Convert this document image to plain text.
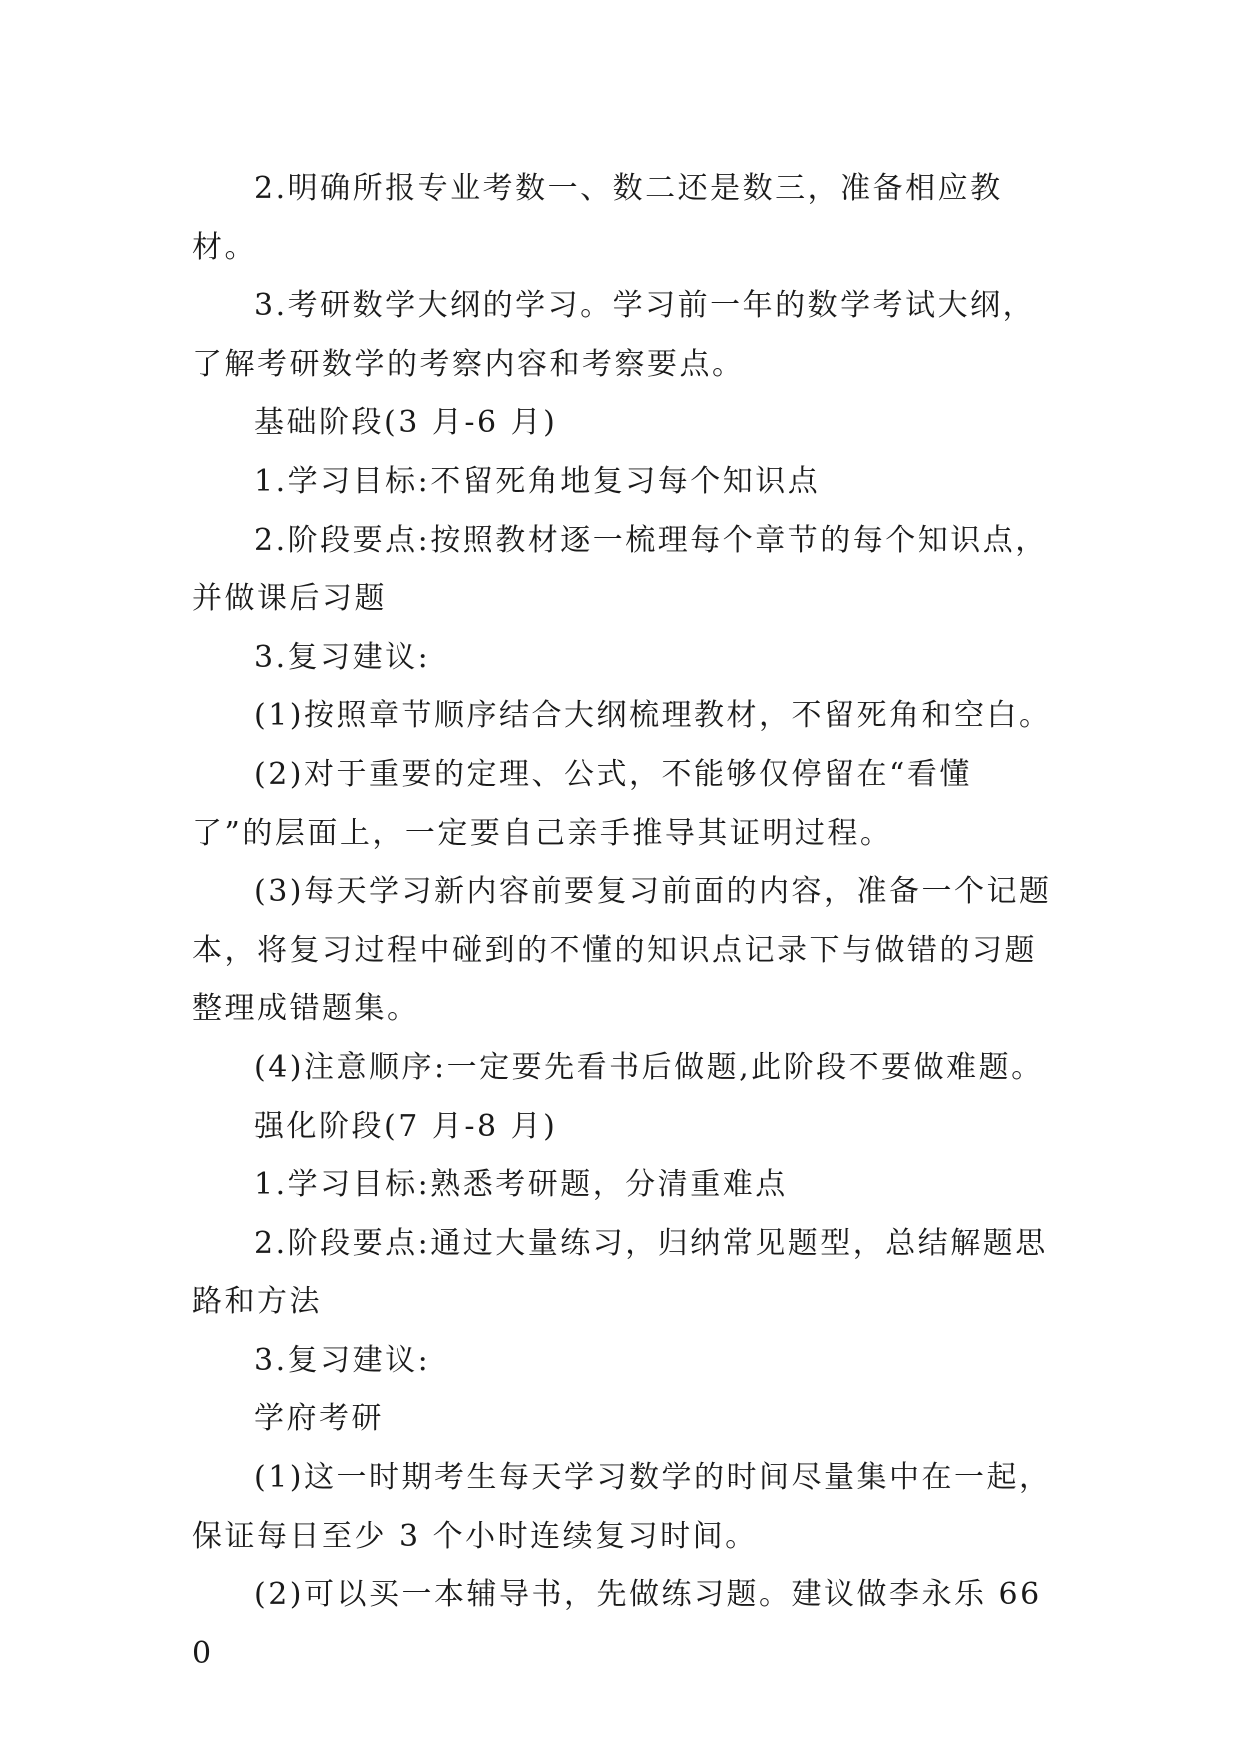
2.明确所报专业考数一、数二还是数三，准备相应教材。

3.考研数学大纲的学习。学习前一年的数学考试大纲，了解考研数学的考察内容和考察要点。

基础阶段(3 月-6 月)

1.学习目标:不留死角地复习每个知识点

2.阶段要点:按照教材逐一梳理每个章节的每个知识点，并做课后习题

3.复习建议:

(1)按照章节顺序结合大纲梳理教材，不留死角和空白。

(2)对于重要的定理、公式，不能够仅停留在“看懂了”的层面上，一定要自己亲手推导其证明过程。

(3)每天学习新内容前要复习前面的内容，准备一个记题本，将复习过程中碰到的不懂的知识点记录下与做错的习题整理成错题集。

(4)注意顺序:一定要先看书后做题,此阶段不要做难题。

强化阶段(7 月-8 月)

1.学习目标:熟悉考研题，分清重难点

2.阶段要点:通过大量练习，归纳常见题型，总结解题思路和方法

3.复习建议:

学府考研

(1)这一时期考生每天学习数学的时间尽量集中在一起，保证每日至少 3 个小时连续复习时间。

(2)可以买一本辅导书，先做练习题。建议做李永乐 660
